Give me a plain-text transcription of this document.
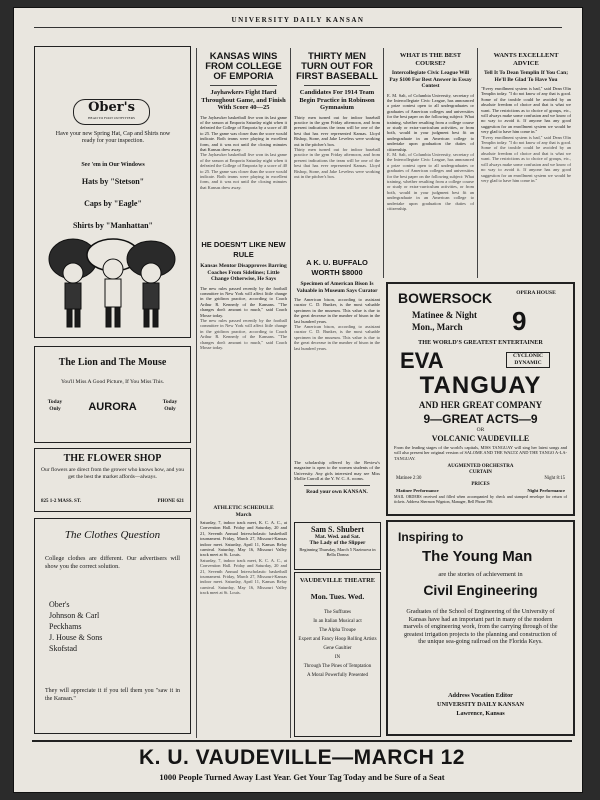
UNIVERSITY DAILY KANSAN
Ober's
HEAD TO FOOT OUTFITTERS
Have your new Spring Hat, Cap and Shirts now ready for your inspection.
See 'em in Our Windows
Hats by "Stetson"
Caps by "Eagle"
Shirts by "Manhattan"
The Lion and The Mouse
You'll Miss A Good Picture, If You Miss This.
Today Only	AURORA	Today Only
THE FLOWER SHOP
Our flowers are direct from the grower who knows how, and you get the best the market affords—always.
825 1-2 MASS. ST.	PHONE 621
The Clothes Question
College clothes are different. Our advertisers will show you the correct solution.
Ober's
Johnson & Carl
Peckhams
J. House & Sons
Skofstad
They will appreciate it if you tell them you "saw it in the Kansan."
KANSAS WINS FROM COLLEGE OF EMPORIA
Jayhawkers Fight Hard Throughout Game, and Finish With Score 40—25
The Jayhawker basketball five won its last game of the season at Emporia Saturday night when it defeated the College of Emporia by a score of 40 to 25. The game was closer than the score would indicate. Both teams were playing in excellent form, and it was not until the closing minutes that Kansas drew away.
The Jayhawker basketball five won its last game of the season at Emporia Saturday night when it defeated the College of Emporia by a score of 40 to 25. The game was closer than the score would indicate. Both teams were playing in excellent form, and it was not until the closing minutes that Kansas drew away.
HE DOESN'T LIKE NEW RULE
Kansas Mentor Disapproves Barring Coaches From Sidelines; Little Change Otherwise, He Says
The new rules passed recently by the football committee in New York will affect little change in the gridiron practice, according to Coach Arthur R. Kennedy of the Kansans. "The changes don't amount to much," said Coach Mosse today.
The new rules passed recently by the football committee in New York will affect little change in the gridiron practice, according to Coach Arthur R. Kennedy of the Kansans. "The changes don't amount to much," said Coach Mosse today.
ATHLETIC SCHEDULE
March
Saturday, 7, indoor track meet, K. C. A. C., at Convention Hall. Friday and Saturday, 20 and 21, Seventh Annual Interscholastic basketball tournament. Friday, March 27, Missouri-Kansas indoor meet. Saturday, April 11, Kansas Relay carnival. Saturday, May 16, Missouri Valley track meet at St. Louis.
Saturday, 7, indoor track meet, K. C. A. C., at Convention Hall. Friday and Saturday, 20 and 21, Seventh Annual Interscholastic basketball tournament. Friday, March 27, Missouri-Kansas indoor meet. Saturday, April 11, Kansas Relay carnival. Saturday, May 16, Missouri Valley track meet at St. Louis.
THIRTY MEN TURN OUT FOR FIRST BASEBALL
Candidates For 1914 Team Begin Practice in Robinson Gymnasium
Thirty men turned out for indoor baseball practice in the gym Friday afternoon, and from present indications the team will be one of the best that has ever represented Kansas. Lloyd Bishop, Stone, and Jake Leveless were working out in the pitcher's box.
Thirty men turned out for indoor baseball practice in the gym Friday afternoon, and from present indications the team will be one of the best that has ever represented Kansas. Lloyd Bishop, Stone, and Jake Leveless were working out in the pitcher's box.
A K. U. BUFFALO WORTH $8000
Specimen of American Bison Is Valuable in Museum Says Curator
The American bison, according to assistant curator C. D. Bunker, is the most valuable specimen in the museum. This value is due to the great decrease in the number of bison in the last hundred years.
The American bison, according to assistant curator C. D. Bunker, is the most valuable specimen in the museum. This value is due to the great decrease in the number of bison in the last hundred years.
The scholarship offered by the Review's magazine is open to the women students of the University. Any girls interested may see Miss Mollie Carroll at the Y. W. C. A. rooms.
Read your own KANSAN.
Sam S. Shubert
Mat. Wed. and Sat.
The Lady of the Slipper
Beginning Thursday, March 5 Nazimova in Bella Donna
VAUDEVILLE THEATRE
Mon. Tues. Wed.
The Suffrates
In an Italian Musical act
The Alpha Troupe
Expert and Fancy Hoop Rolling Artists
Gene Gaultier
IN
Through The Pines of Temptation
A Moral Powerfully Presented
WHAT IS THE BEST COURSE?
Intercollegiate Civic League Will Pay $100 For Best Answer in Essay Contest
E. M. Salt, of Columbia University, secretary of the Intercollegiate Civic League, has announced a prize contest open to all undergraduates or graduates of American colleges and universities for the best paper on the following subject: What training, whether resulting from a college course or study or extra-curriculum activities, or from both, would in your judgment best fit an undergraduate in an American college to undertake upon graduation the duties of citizenship.
E. M. Salt, of Columbia University, secretary of the Intercollegiate Civic League, has announced a prize contest open to all undergraduates or graduates of American colleges and universities for the best paper on the following subject: What training, whether resulting from a college course or study or extra-curriculum activities, or from both, would in your judgment best fit an undergraduate in an American college to undertake upon graduation the duties of citizenship.
WANTS EXCELLENT ADVICE
Tell It To Dean Templin If You Can; He'll Be Glad To Have You
"Every enrollment system is bad," said Dean Olin Templin today. "I do not know of any that is good. Some of the trouble could be avoided by an absolute freedom of choice and that is what we want. The restrictions as to choice of groups, etc., will always make some confusion and we know of no way to avoid it. If anyone has any good suggestion for an enrollment system we would be very glad to have him come in."
"Every enrollment system is bad," said Dean Olin Templin today. "I do not know of any that is good. Some of the trouble could be avoided by an absolute freedom of choice and that is what we want. The restrictions as to choice of groups, etc., will always make some confusion and we know of no way to avoid it. If anyone has any good suggestion for an enrollment system we would be very glad to have him come in."
BOWERSOCK	OPERA HOUSE
Matinee & Night
Mon., March 9
THE WORLD'S GREATEST ENTERTAINER
EVA	CYCLONIC
DYNAMIC
TANGUAY
AND HER GREAT COMPANY
9—GREAT ACTS—9
OR
VOLCANIC VAUDEVILLE
From the leading stages of the world's capitals, MISS TANGUAY will sing her latest songs and will also present her original version of SALOME AND THE WALTZ AND THE TANGO A-LA-TANGUAY.
AUGMENTED ORCHESTRA
CURTAIN
Matinee 2:30	Night 8:15
PRICES
Matinee Performance	Night Performance
MAIL ORDERS received and filled when accompanied by check and stamped envelope for return of tickets. Address Shermon Wignton, Manager, Bell Phone 396.
Inspiring to
The Young Man
are the stories of achievement in
Civil Engineering
Graduates of the School of Engineering of the University of Kansas have had an important part in many of the modern marvels of engineering work, from the carrying through of the greatest irrigation projects to the planning and construction of the unique sea-going railroad on the Florida Keys.
Address Vocation Editor
UNIVERSITY DAILY KANSAN
Lawrence, Kansas
K. U. VAUDEVILLE—MARCH 12
1000 People Turned Away Last Year. Get Your Tag Today and be Sure of a Seat
